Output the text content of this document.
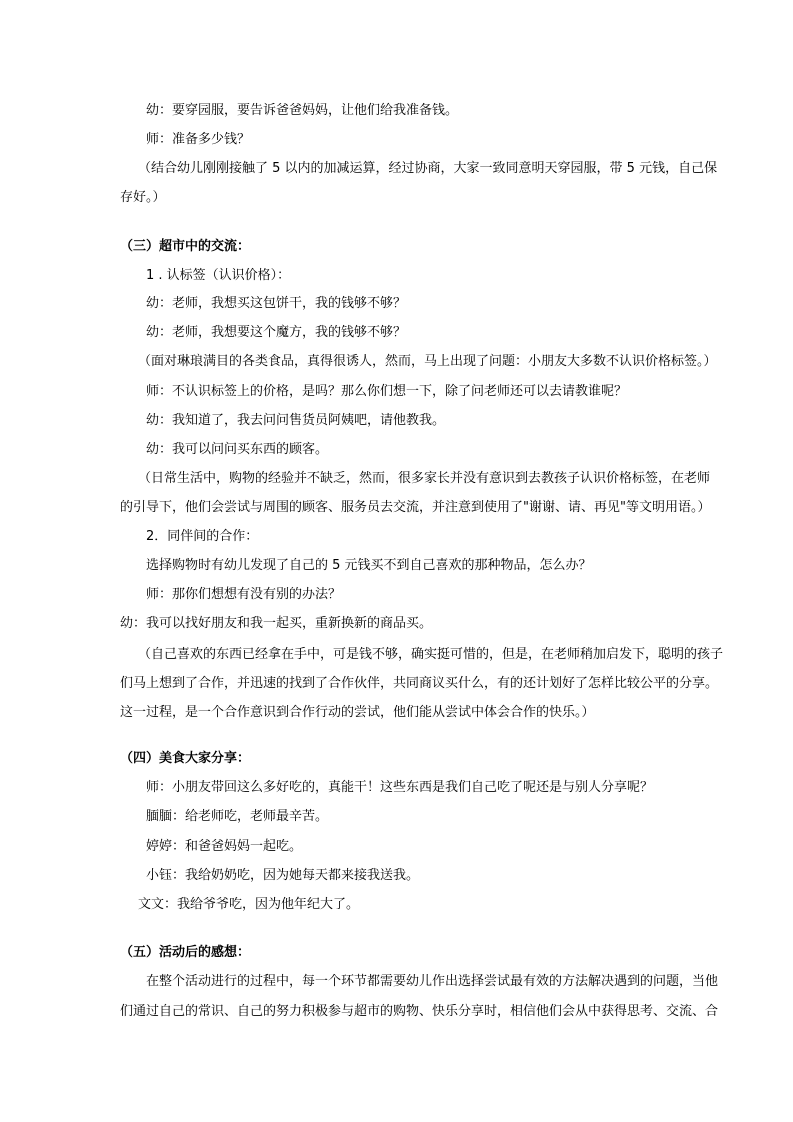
幼：要穿园服，要告诉爸爸妈妈，让他们给我准备钱。

师：准备多少钱？

（结合幼儿刚刚接触了 5 以内的加减运算，经过协商，大家一致同意明天穿园服，带 5 元钱，自己保

存好。）

（三）超市中的交流：

1 . 认标签（认识价格）：

幼：老师，我想买这包饼干，我的钱够不够？

幼：老师，我想要这个魔方，我的钱够不够？

（面对琳琅满目的各类食品，真得很诱人，然而，马上出现了问题：小朋友大多数不认识价格标签。）

师：不认识标签上的价格，是吗？那么你们想一下，除了问老师还可以去请教谁呢？

幼：我知道了，我去问问售货员阿姨吧，请他教我。

幼：我可以问问买东西的顾客。

（日常生活中，购物的经验并不缺乏，然而，很多家长并没有意识到去教孩子认识价格标签，在老师

的引导下，他们会尝试与周围的顾客、服务员去交流，并注意到使用了"谢谢、请、再见"等文明用语。）

2．同伴间的合作：

选择购物时有幼儿发现了自己的 5 元钱买不到自己喜欢的那种物品，怎么办？

师：那你们想想有没有别的办法？

幼：我可以找好朋友和我一起买，重新换新的商品买。

（自己喜欢的东西已经拿在手中，可是钱不够，确实挺可惜的，但是，在老师稍加启发下，聪明的孩子

们马上想到了合作，并迅速的找到了合作伙伴，共同商议买什么，有的还计划好了怎样比较公平的分享。

这一过程，是一个合作意识到合作行动的尝试，他们能从尝试中体会合作的快乐。）

（四）美食大家分享：

师：小朋友带回这么多好吃的，真能干！这些东西是我们自己吃了呢还是与别人分享呢？

腼腼：给老师吃，老师最辛苦。

婷婷：和爸爸妈妈一起吃。

小钰：我给奶奶吃，因为她每天都来接我送我。

文文：我给爷爷吃，因为他年纪大了。

（五）活动后的感想：

在整个活动进行的过程中，每一个环节都需要幼儿作出选择尝试最有效的方法解决遇到的问题，当他

们通过自己的常识、自己的努力积极参与超市的购物、快乐分享时，相信他们会从中获得思考、交流、合
